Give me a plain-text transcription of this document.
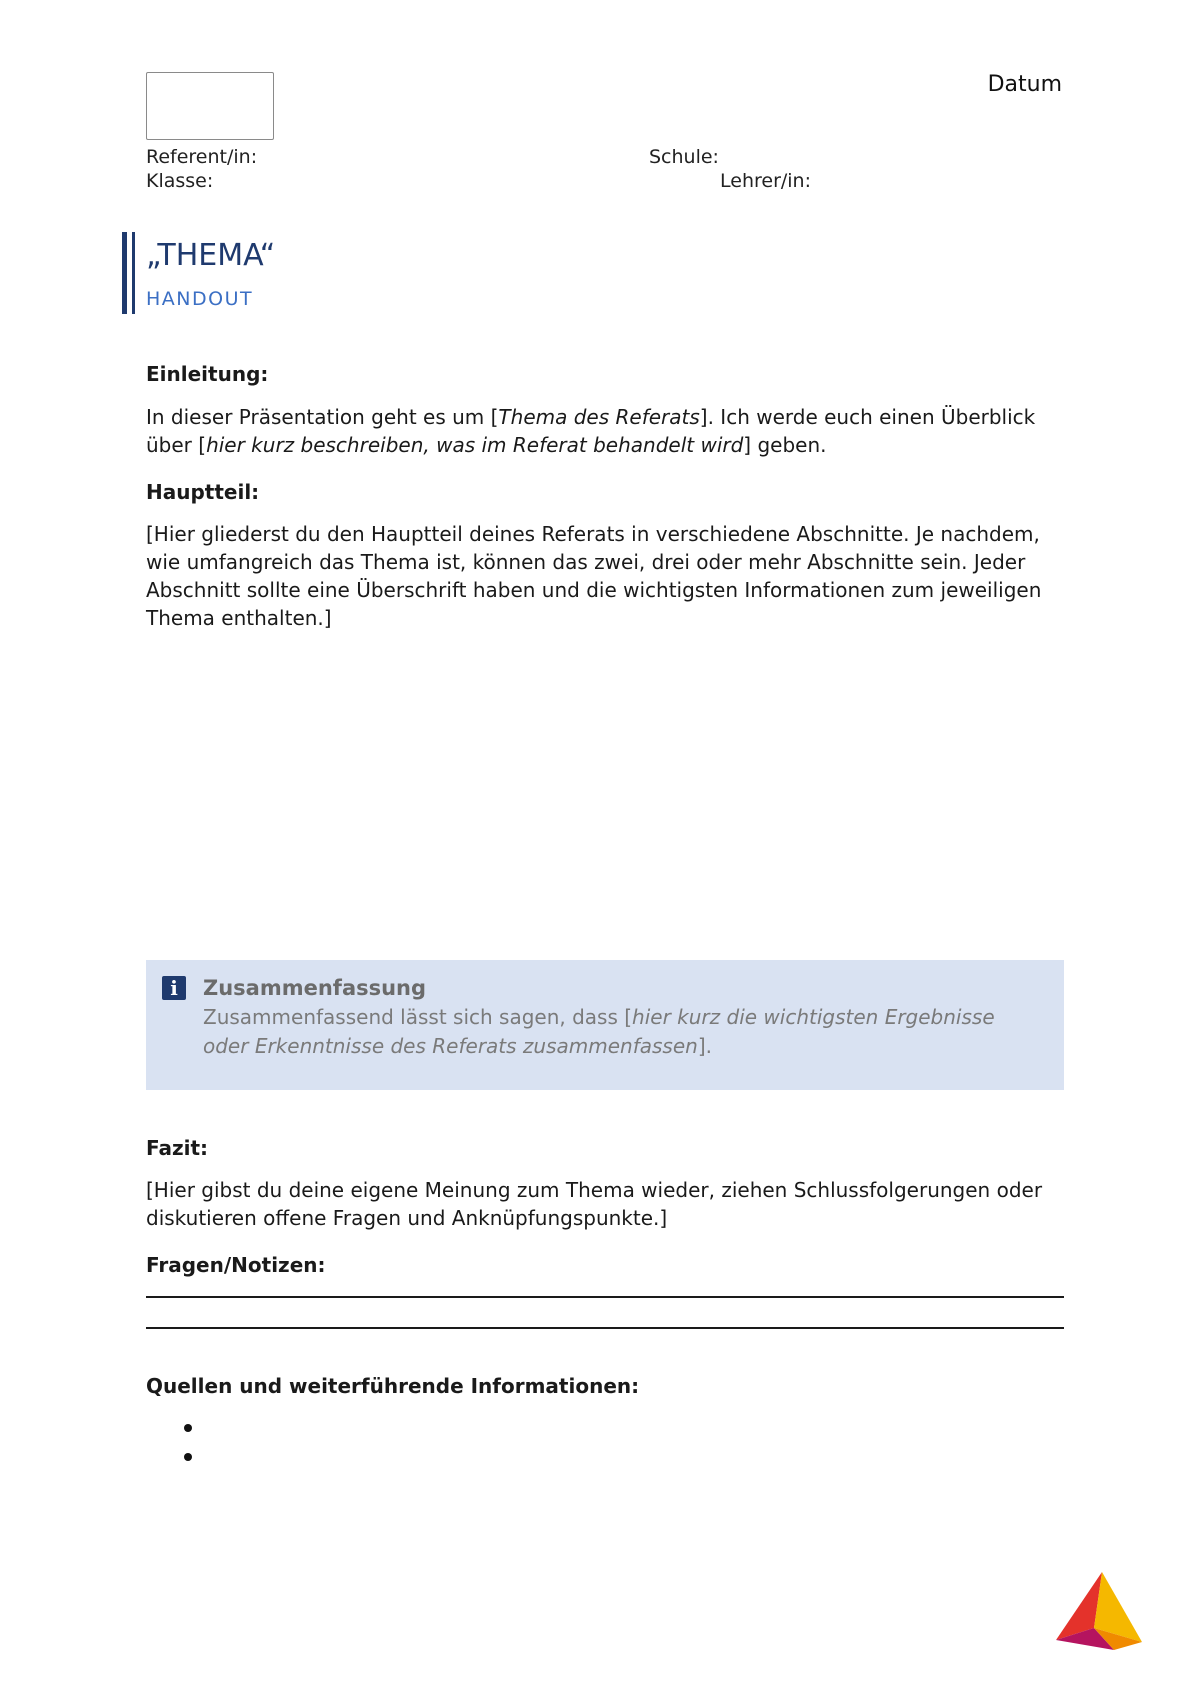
Datum
Referent/in:	Schule:
Klasse:	Lehrer/in:
„THEMA“
HANDOUT
Einleitung:
In dieser Präsentation geht es um [Thema des Referats]. Ich werde euch einen Überblick über [hier kurz beschreiben, was im Referat behandelt wird] geben.
Hauptteil:
[Hier gliederst du den Hauptteil deines Referats in verschiedene Abschnitte. Je nachdem, wie umfangreich das Thema ist, können das zwei, drei oder mehr Abschnitte sein. Jeder Abschnitt sollte eine Überschrift haben und die wichtigsten Informationen zum jeweiligen Thema enthalten.]
i	Zusammenfassung
Zusammenfassend lässt sich sagen, dass [hier kurz die wichtigsten Ergebnisse oder Erkenntnisse des Referats zusammenfassen].
Fazit:
[Hier gibst du deine eigene Meinung zum Thema wieder, ziehen Schlussfolgerungen oder diskutieren offene Fragen und Anknüpfungspunkte.]
Fragen/Notizen:
Quellen und weiterführende Informationen:
